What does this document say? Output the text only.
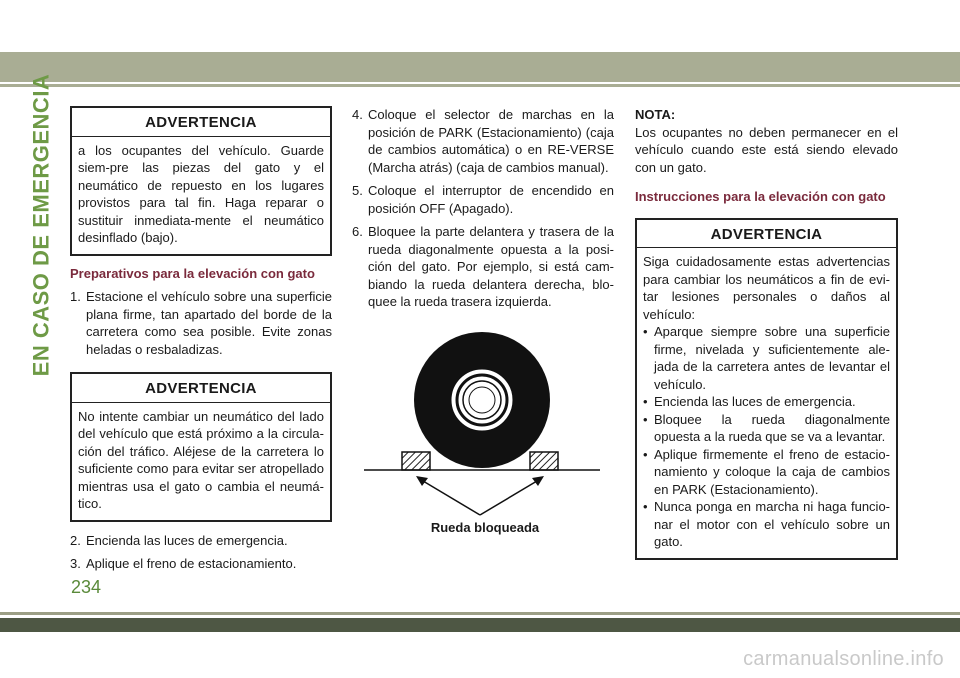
EN CASO DE EMERGENCIA	ADVERTENCIA
a los ocupantes del vehículo. Guarde siem-pre las piezas del gato y el neumático de repuesto en los lugares provistos para tal fin. Haga reparar o sustituir inmediata-mente el neumático desinflado (bajo).
Preparativos para la elevación con gato
1. Estacione el vehículo sobre una superficie plana firme, tan apartado del borde de la carretera como sea posible. Evite zonas heladas o resbaladizas.
ADVERTENCIA
No intente cambiar un neumático del lado del vehículo que está próximo a la circula-ción del tráfico. Aléjese de la carretera lo suficiente como para evitar ser atropellado mientras usa el gato o cambia el neumá-tico.
2. Encienda las luces de emergencia.
3. Aplique el freno de estacionamiento.
4. Coloque el selector de marchas en la posición de PARK (Estacionamiento) (caja de cambios automática) o en RE-VERSE (Marcha atrás) (caja de cambios manual).
5. Coloque el interruptor de encendido en posición OFF (Apagado).
6. Bloquee la parte delantera y trasera de la rueda diagonalmente opuesta a la posi-ción del gato. Por ejemplo, si está cam-biando la rueda delantera derecha, blo-quee la rueda trasera izquierda.
Rueda bloqueada
NOTA:
Los ocupantes no deben permanecer en el vehículo cuando este está siendo elevado con un gato.
Instrucciones para la elevación con gato
ADVERTENCIA
Siga cuidadosamente estas advertencias para cambiar los neumáticos a fin de evi-tar lesiones personales o daños al vehículo:
• Aparque siempre sobre una superficie firme, nivelada y suficientemente ale-jada de la carretera antes de levantar el vehículo.
• Encienda las luces de emergencia.
• Bloquee la rueda diagonalmente opuesta a la rueda que se va a levantar.
• Aplique firmemente el freno de estacio-namiento y coloque la caja de cambios en PARK (Estacionamiento).
• Nunca ponga en marcha ni haga funcio-nar el motor con el vehículo sobre un gato.
234
carmanualsonline.info
